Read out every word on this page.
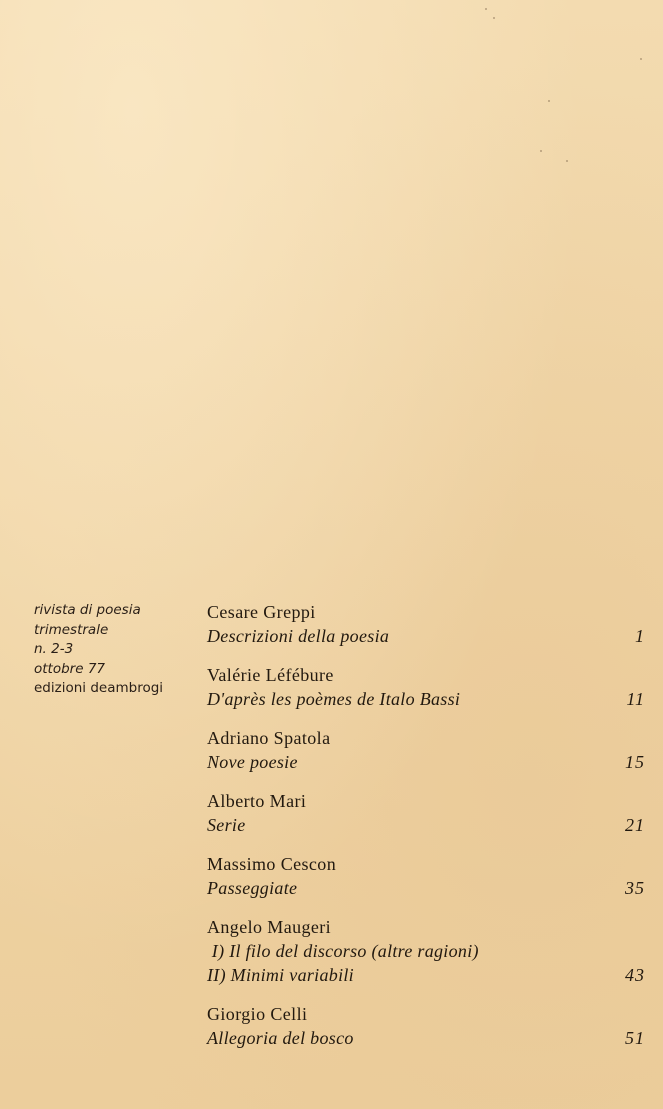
rivista di poesia
trimestrale
n. 2-3
ottobre 77
edizioni deambrogi
Cesare Greppi
Descrizioni della poesia	1
Valérie Léfébure
D'après les poèmes de Italo Bassi	11
Adriano Spatola
Nove poesie	15
Alberto Mari
Serie	21
Massimo Cescon
Passeggiate	35
Angelo Maugeri
I) Il filo del discorso (altre ragioni)
II) Minimi variabili	43
Giorgio Celli
Allegoria del bosco	51
